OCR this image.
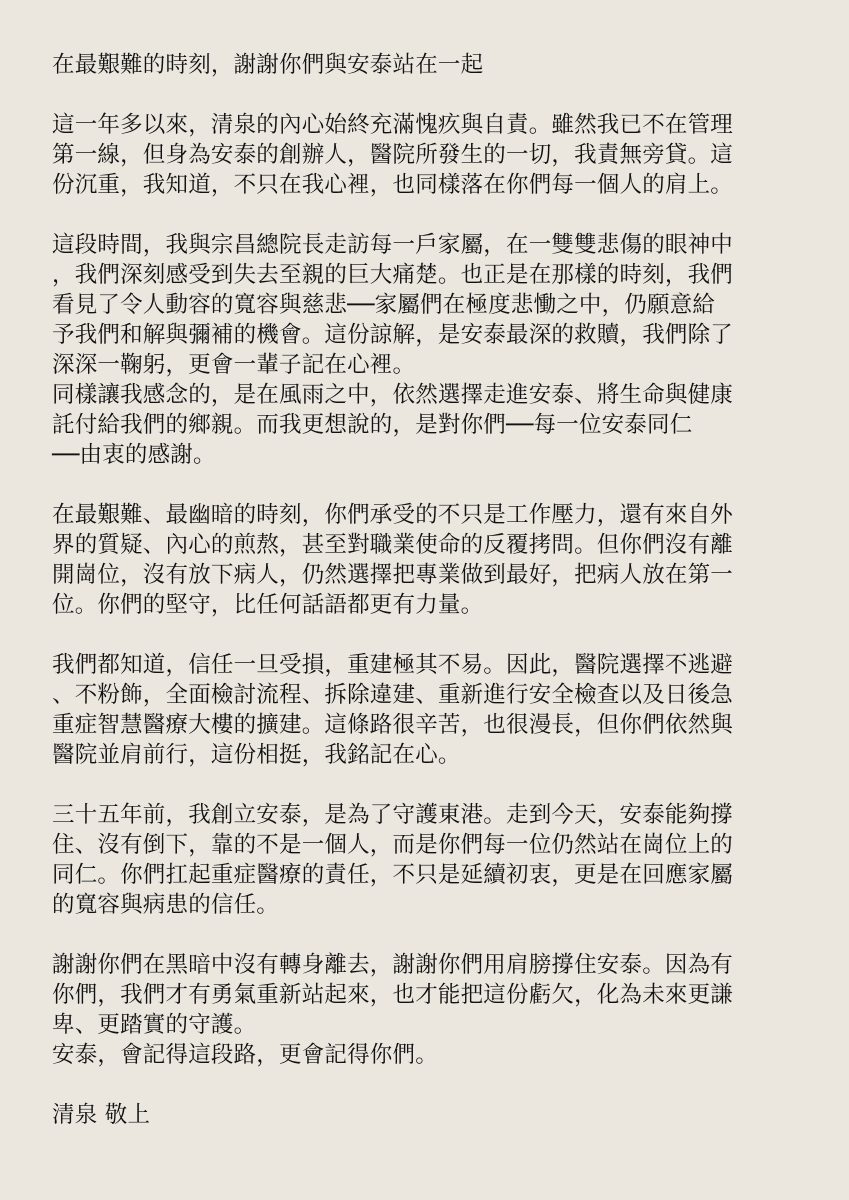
在最艱難的時刻，謝謝你們與安泰站在一起
這一年多以來，清泉的內心始終充滿愧疚與自責。雖然我已不在管理
第一線，但身為安泰的創辦人，醫院所發生的一切，我責無旁貸。這
份沉重，我知道，不只在我心裡，也同樣落在你們每一個人的肩上。
這段時間，我與宗昌總院長走訪每一戶家屬，在一雙雙悲傷的眼神中
，我們深刻感受到失去至親的巨大痛楚。也正是在那樣的時刻，我們
看見了令人動容的寬容與慈悲──家屬們在極度悲慟之中，仍願意給
予我們和解與彌補的機會。這份諒解，是安泰最深的救贖，我們除了
深深一鞠躬，更會一輩子記在心裡。
同樣讓我感念的，是在風雨之中，依然選擇走進安泰、將生命與健康
託付給我們的鄉親。而我更想說的，是對你們──每一位安泰同仁
──由衷的感謝。
在最艱難、最幽暗的時刻，你們承受的不只是工作壓力，還有來自外
界的質疑、內心的煎熬，甚至對職業使命的反覆拷問。但你們沒有離
開崗位，沒有放下病人，仍然選擇把專業做到最好，把病人放在第一
位。你們的堅守，比任何話語都更有力量。
我們都知道，信任一旦受損，重建極其不易。因此，醫院選擇不逃避
、不粉飾，全面檢討流程、拆除違建、重新進行安全檢查以及日後急
重症智慧醫療大樓的擴建。這條路很辛苦，也很漫長，但你們依然與
醫院並肩前行，這份相挺，我銘記在心。
三十五年前，我創立安泰，是為了守護東港。走到今天，安泰能夠撐
住、沒有倒下，靠的不是一個人，而是你們每一位仍然站在崗位上的
同仁。你們扛起重症醫療的責任，不只是延續初衷，更是在回應家屬
的寬容與病患的信任。
謝謝你們在黑暗中沒有轉身離去，謝謝你們用肩膀撐住安泰。因為有
你們，我們才有勇氣重新站起來，也才能把這份虧欠，化為未來更謙
卑、更踏實的守護。
安泰，會記得這段路，更會記得你們。
清泉 敬上
